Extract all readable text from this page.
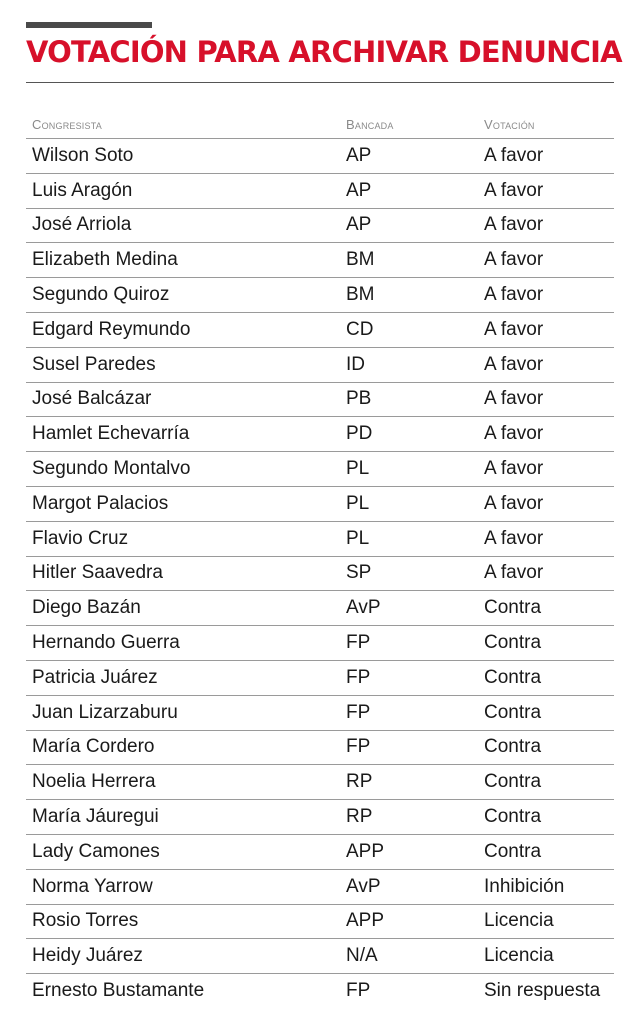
VOTACIÓN PARA ARCHIVAR DENUNCIA
Congresista	Bancada	Votación
Wilson Soto	AP	A favor
Luis Aragón	AP	A favor
José Arriola	AP	A favor
Elizabeth Medina	BM	A favor
Segundo Quiroz	BM	A favor
Edgard Reymundo	CD	A favor
Susel Paredes	ID	A favor
José Balcázar	PB	A favor
Hamlet Echevarría	PD	A favor
Segundo Montalvo	PL	A favor
Margot Palacios	PL	A favor
Flavio Cruz	PL	A favor
Hitler Saavedra	SP	A favor
Diego Bazán	AvP	Contra
Hernando Guerra	FP	Contra
Patricia Juárez	FP	Contra
Juan Lizarzaburu	FP	Contra
María Cordero	FP	Contra
Noelia Herrera	RP	Contra
María Jáuregui	RP	Contra
Lady Camones	APP	Contra
Norma Yarrow	AvP	Inhibición
Rosio Torres	APP	Licencia
Heidy Juárez	N/A	Licencia
Ernesto Bustamante	FP	Sin respuesta
